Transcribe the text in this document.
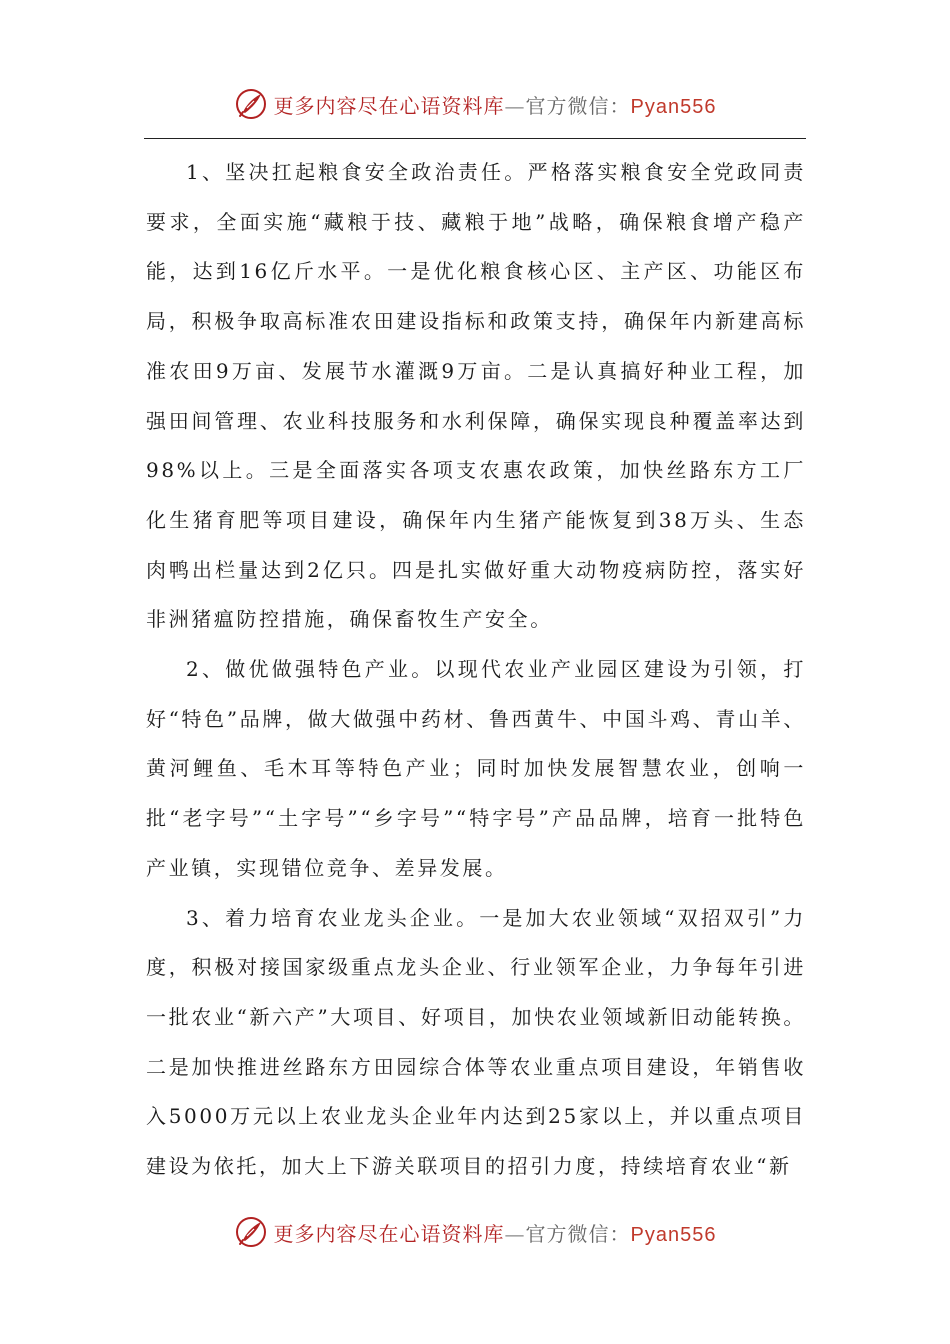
更多内容尽在心语资料库—官方微信：Pyan556

1、坚决扛起粮食安全政治责任。严格落实粮食安全党政同责要求，全面实施“藏粮于技、藏粮于地”战略，确保粮食增产稳产能，达到16亿斤水平。一是优化粮食核心区、主产区、功能区布局，积极争取高标准农田建设指标和政策支持，确保年内新建高标准农田9万亩、发展节水灌溉9万亩。二是认真搞好种业工程，加强田间管理、农业科技服务和水利保障，确保实现良种覆盖率达到98%以上。三是全面落实各项支农惠农政策，加快丝路东方工厂化生猪育肥等项目建设，确保年内生猪产能恢复到38万头、生态肉鸭出栏量达到2亿只。四是扎实做好重大动物疫病防控，落实好非洲猪瘟防控措施，确保畜牧生产安全。

2、做优做强特色产业。以现代农业产业园区建设为引领，打好“特色”品牌，做大做强中药材、鲁西黄牛、中国斗鸡、青山羊、黄河鲤鱼、毛木耳等特色产业；同时加快发展智慧农业，创响一批“老字号”“土字号”“乡字号”“特字号”产品品牌，培育一批特色产业镇，实现错位竞争、差异发展。

3、着力培育农业龙头企业。一是加大农业领域“双招双引”力度，积极对接国家级重点龙头企业、行业领军企业，力争每年引进一批农业“新六产”大项目、好项目，加快农业领域新旧动能转换。二是加快推进丝路东方田园综合体等农业重点项目建设，年销售收入5000万元以上农业龙头企业年内达到25家以上，并以重点项目建设为依托，加大上下游关联项目的招引力度，持续培育农业“新

更多内容尽在心语资料库—官方微信：Pyan556
